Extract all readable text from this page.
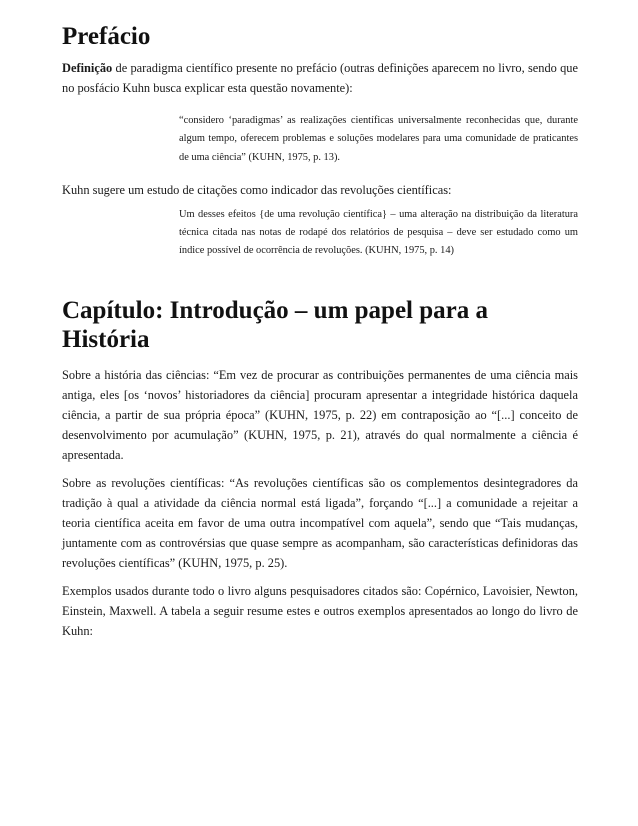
Prefácio

Definição de paradigma científico presente no prefácio (outras definições aparecem no livro, sendo que no posfácio Kuhn busca explicar esta questão novamente):

“considero ‘paradigmas’ as realizações científicas universalmente reconhecidas que, durante algum tempo, oferecem problemas e soluções modelares para uma comunidade de praticantes de uma ciência” (KUHN, 1975, p. 13).

Kuhn sugere um estudo de citações como indicador das revoluções científicas:

Um desses efeitos {de uma revolução científica} – uma alteração na distribuição da literatura técnica citada nas notas de rodapé dos relatórios de pesquisa – deve ser estudado como um índice possível de ocorrência de revoluções. (KUHN, 1975, p. 14)

Capítulo: Introdução – um papel para a História

Sobre a história das ciências: “Em vez de procurar as contribuições permanentes de uma ciência mais antiga, eles [os ‘novos’ historiadores da ciência] procuram apresentar a integridade histórica daquela ciência, a partir de sua própria época” (KUHN, 1975, p. 22) em contraposição ao “[...] conceito de desenvolvimento por acumulação” (KUHN, 1975, p. 21), através do qual normalmente a ciência é apresentada.

Sobre as revoluções científicas: “As revoluções científicas são os complementos desintegradores da tradição à qual a atividade da ciência normal está ligada”, forçando “[...] a comunidade a rejeitar a teoria científica aceita em favor de uma outra incompatível com aquela”, sendo que “Tais mudanças, juntamente com as controvérsias que quase sempre as acompanham, são características definidoras das revoluções científicas” (KUHN, 1975, p. 25).

Exemplos usados durante todo o livro alguns pesquisadores citados são: Copérnico, Lavoisier, Newton, Einstein, Maxwell. A tabela a seguir resume estes e outros exemplos apresentados ao longo do livro de Kuhn:
